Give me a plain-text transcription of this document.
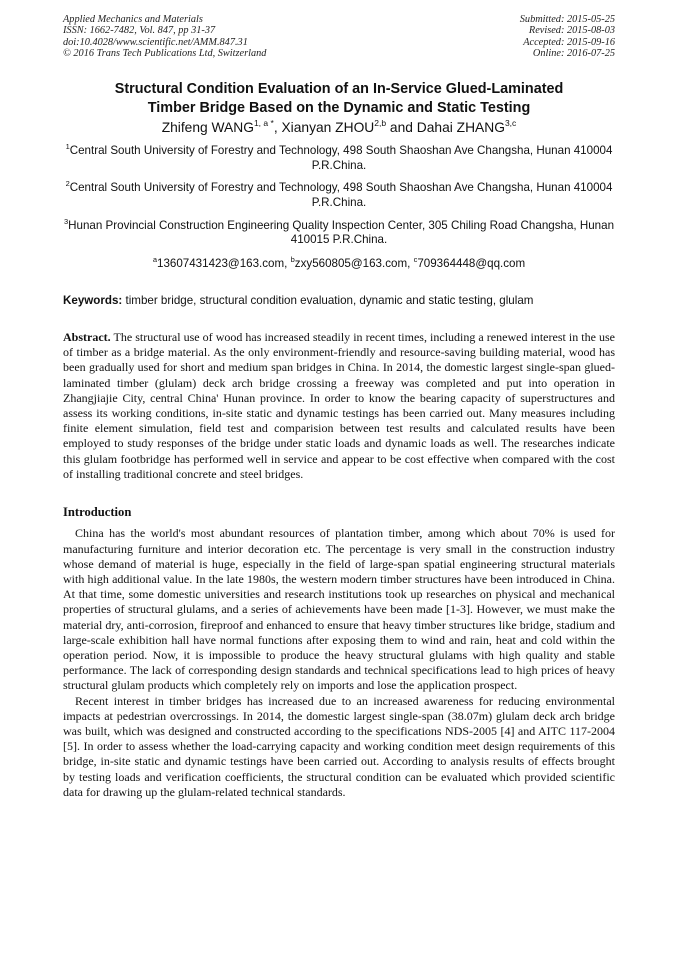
Applied Mechanics and Materials
ISSN: 1662-7482, Vol. 847, pp 31-37
doi:10.4028/www.scientific.net/AMM.847.31
© 2016 Trans Tech Publications Ltd, Switzerland
Submitted: 2015-05-25
Revised: 2015-08-03
Accepted: 2015-09-16
Online: 2016-07-25
Structural Condition Evaluation of an In-Service Glued-Laminated
Timber Bridge Based on the Dynamic and Static Testing
Zhifeng $WANG^{1, a *}$, Xianyan ZHOU$^{2,b}$ and Dahai ZHANG$^{3,c}$
$^1$Central South University of Forestry and Technology, 498 South Shaoshan Ave Changsha, Hunan 410004 P.R.China.
$^2$Central South University of Forestry and Technology, 498 South Shaoshan Ave Changsha, Hunan 410004 P.R.China.
$^3$Hunan Provincial Construction Engineering Quality Inspection Center, 305 Chiling Road Changsha, Hunan 410015 P.R.China.
$^a$13607431423@163.com, $^b$zxy560805@163.com, $^c$709364448@qq.com
Keywords: timber bridge, structural condition evaluation, dynamic and static testing, glulam
Abstract. The structural use of wood has increased steadily in recent times, including a renewed interest in the use of timber as a bridge material. As the only environment-friendly and resource-saving building material, wood has been gradually used for short and medium span bridges in China. In 2014, the domestic largest single-span glued-laminated timber (glulam) deck arch bridge crossing a freeway was completed and put into operation in Zhangjiajie City, central China' Hunan province. In order to know the bearing capacity of superstructures and assess its working conditions, in-site static and dynamic testings has been carried out. Many measures including finite element simulation, field test and comparision between test results and calculated results have been employed to study responses of the bridge under static loads and dynamic loads as well. The researches indicate this glulam footbridge has performed well in service and appear to be cost effective when compared with the cost of installing traditional concrete and steel bridges.
Introduction
China has the world's most abundant resources of plantation timber, among which about 70% is used for manufacturing furniture and interior decoration etc. The percentage is very small in the construction industry whose demand of material is huge, especially in the field of large-span spatial engineering structural materials with high additional value. In the late 1980s, the western modern timber structures have been introduced in China. At that time, some domestic universities and research institutions took up researches on physical and mechanical properties of structural glulams, and a series of achievements have been made [1-3]. However, we must make the material dry, anti-corrosion, fireproof and enhanced to ensure that heavy timber structures like bridge, stadium and large-scale exhibition hall have normal functions after exposing them to wind and rain, heat and cold within the operation period. Now, it is impossible to produce the heavy structural glulams with high quality and stable performance. The lack of corresponding design standards and technical specifications lead to high prices of heavy structural glulam products which completely rely on imports and lose the application prospect.
Recent interest in timber bridges has increased due to an increased awareness for reducing environmental impacts at pedestrian overcrossings. In 2014, the domestic largest single-span (38.07m) glulam deck arch bridge was built, which was designed and constructed according to the specifications NDS-2005 [4] and AITC 117-2004 [5]. In order to assess whether the load-carrying capacity and working condition meet design requirements of this bridge, in-site static and dynamic testings have been carried out. According to analysis results of effects brought by testing loads and verification coefficients, the structural condition can be evaluated which provided scientific data for drawing up the glulam-related technical standards.
